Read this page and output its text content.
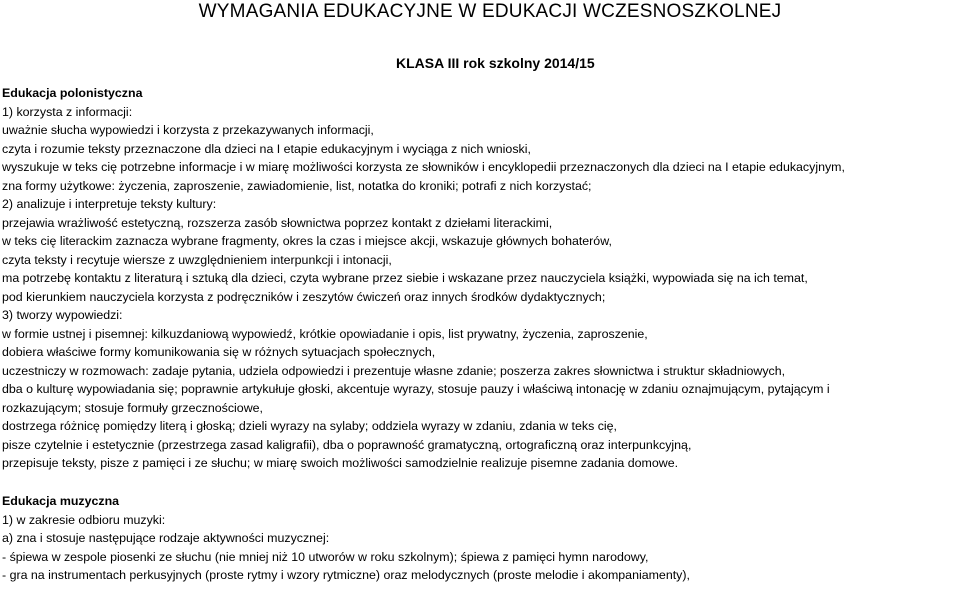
WYMAGANIA EDUKACYJNE W EDUKACJI WCZESNOSZKOLNEJ
KLASA III rok szkolny 2014/15
Edukacja polonistyczna
1) korzysta z informacji:
uważnie słucha wypowiedzi i korzysta z przekazywanych informacji,
czyta i rozumie teksty przeznaczone dla dzieci na I etapie edukacyjnym i wyciąga z nich wnioski,
wyszukuje w teks cię potrzebne informacje i w miarę możliwości korzysta ze słowników i encyklopedii przeznaczonych dla dzieci na I etapie edukacyjnym,
zna formy użytkowe: życzenia, zaproszenie, zawiadomienie, list, notatka do kroniki; potrafi z nich korzystać;
2) analizuje i interpretuje teksty kultury:
przejawia wrażliwość estetyczną, rozszerza zasób słownictwa poprzez kontakt z dziełami literackimi,
w teks cię literackim zaznacza wybrane fragmenty, okres la czas i miejsce akcji, wskazuje głównych bohaterów,
czyta teksty i recytuje wiersze z uwzględnieniem interpunkcji i intonacji,
ma potrzebę kontaktu z literaturą i sztuką dla dzieci, czyta wybrane przez siebie i wskazane przez nauczyciela książki, wypowiada się na ich temat,
pod kierunkiem nauczyciela korzysta z podręczników i zeszytów ćwiczeń oraz innych środków dydaktycznych;
3) tworzy wypowiedzi:
w formie ustnej i pisemnej: kilkuzdaniową wypowiedź, krótkie opowiadanie i opis, list prywatny, życzenia, zaproszenie,
dobiera właściwe formy komunikowania się w różnych sytuacjach społecznych,
uczestniczy w rozmowach: zadaje pytania, udziela odpowiedzi i prezentuje własne zdanie; poszerza zakres słownictwa i struktur składniowych,
dba o kulturę wypowiadania się; poprawnie artykułuje głoski, akcentuje wyrazy, stosuje pauzy i właściwą intonację w zdaniu oznajmującym, pytającym i
rozkazującym; stosuje formuły grzecznościowe,
dostrzega różnicę pomiędzy literą i głoską; dzieli wyrazy na sylaby; oddziela wyrazy w zdaniu, zdania w teks cię,
pisze czytelnie i estetycznie (przestrzega zasad kaligrafii), dba o poprawność gramatyczną, ortograficzną oraz interpunkcyjną,
przepisuje teksty, pisze z pamięci i ze słuchu; w miarę swoich możliwości samodzielnie realizuje pisemne zadania domowe.
Edukacja muzyczna
1) w zakresie odbioru muzyki:
a) zna i stosuje następujące rodzaje aktywności muzycznej:
- śpiewa w zespole piosenki ze słuchu (nie mniej niż 10 utworów w roku szkolnym); śpiewa z pamięci hymn narodowy,
- gra na instrumentach perkusyjnych (proste rytmy i wzory rytmiczne) oraz melodycznych (proste melodie i akompaniamenty),
